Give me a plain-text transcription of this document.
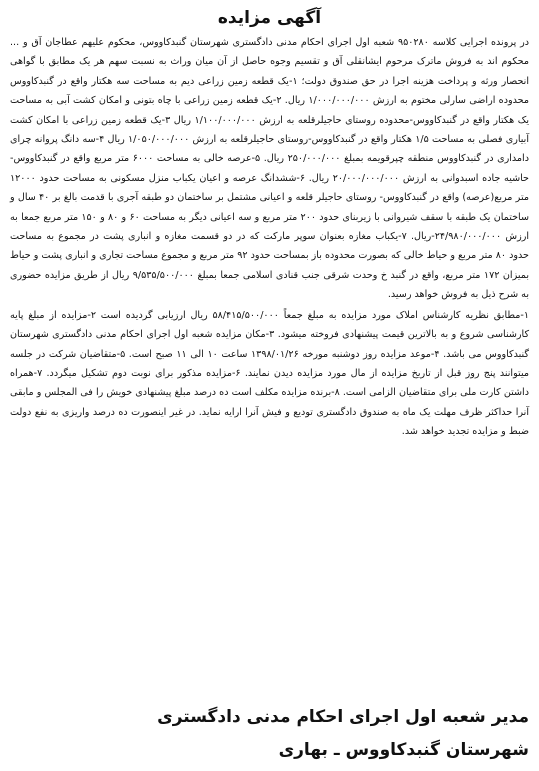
آگهی مزایده

در پرونده اجرایی کلاسه ۹۵۰۲۸۰ شعبه اول اجرای احکام مدنی دادگستری شهرستان گنبدکاووس، محکوم علیهم عطاجان آق و ... محکوم اند به فروش ماترک مرحوم ایشانقلی آق و تقسیم وجوه حاصل از آن میان وراث به نسبت سهم هر یک مطابق با گواهی انحصار ورثه و پرداخت هزینه اجرا در حق صندوق دولت؛ ۱-یک قطعه زمین زراعی دیم به مساحت سه هکتار واقع در گنبدکاووس محدوده اراضی سارلی مختوم به ارزش ۱/۰۰۰/۰۰۰/۰۰۰ ریال. ۲-یک قطعه زمین زراعی با چاه بتونی و امکان کشت آبی به مساحت یک هکتار واقع در گنبدکاووس-محدوده روستای حاجیلرقلعه به ارزش ۱/۱۰۰/۰۰۰/۰۰۰ ریال ۳-یک قطعه زمین زراعی با امکان کشت آبیاری فصلی به مساحت ۱/۵ هکتار واقع در گنبدکاووس-روستای حاجیلرقلعه به ارزش ۱/۰۵۰/۰۰۰/۰۰۰ ریال ۴-سه دانگ پروانه چرای دامداری در گنبدکاووس منطقه چپرقویمه بمبلغ ۲۵۰/۰۰۰/۰۰۰ ریال. ۵-عرصه خالی به مساحت ۶۰۰۰ متر مربع واقع در گنبدکاووس- حاشیه جاده اسبدوانی به ارزش ۲۰/۰۰۰/۰۰۰/۰۰۰ ریال. ۶-ششدانگ عرصه و اعیان یکباب منزل مسکونی به مساحت حدود ۱۲۰۰۰ متر مربع(عرصه) واقع در گنبدکاووس- روستای حاجیلر قلعه و اعیانی مشتمل بر ساختمان دو طبقه آجری با قدمت بالغ بر ۴۰ سال و ساختمان یک طبقه با سقف شیروانی با زیربنای حدود ۲۰۰ متر مربع و سه اعیانی دیگر به مساحت ۶۰ و ۸۰ و ۱۵۰ متر مربع جمعا به ارزش ۲۴/۹۸۰/۰۰۰/۰۰۰-ریال. ۷-یکباب مغازه بعنوان سوپر مارکت که در دو قسمت مغازه و انباری پشت در مجموع به مساحت حدود ۸۰ متر مربع و حیاط خالی که بصورت محدوده باز بمساحت حدود ۹۲ متر مربع و مجموع مساحت تجاری و انباری پشت و حیاط بمیزان ۱۷۲ متر مربع، واقع در گنبد خ وحدت شرقی جنب قنادی اسلامی جمعا بمبلغ ۹/۵۳۵/۵۰۰/۰۰۰ ریال از طریق مزایده حضوری به شرح ذیل به فروش خواهد رسید.

۱-مطابق نظریه کارشناس املاک مورد مزایده به مبلغ جمعاً ۵۸/۴۱۵/۵۰۰/۰۰۰ ریال ارزیابی گردیده است ۲-مزایده از مبلغ پایه کارشناسی شروع و به بالاترین قیمت پیشنهادی فروخته میشود. ۳-مکان مزایده شعبه اول اجرای احکام مدنی دادگستری شهرستان گنبدکاووس می باشد. ۴-موعد مزایده روز دوشنبه مورخه ۱۳۹۸/۰۱/۲۶ ساعت ۱۰ الی ۱۱ صبح است. ۵-متقاضیان شرکت در جلسه میتوانند پنج روز قبل از تاریخ مزایده از مال مورد مزایده دیدن نمایند. ۶-مزایده مذکور برای نوبت دوم تشکیل میگردد. ۷-همراه داشتن کارت ملی برای متقاضیان الزامی است. ۸-برنده مزایده مکلف است ده درصد مبلغ پیشنهادی خویش را فی المجلس و مابقی آنرا حداکثر ظرف مهلت یک ماه به صندوق دادگستری تودیع و فیش آنرا ارایه نماید. در غیر اینصورت ده درصد واریزی به نفع دولت ضبط و مزایده تجدید خواهد شد.

مدیر شعبه اول اجرای احکام مدنی دادگستری
شهرستان گنبدکاووس ـ بهاری
